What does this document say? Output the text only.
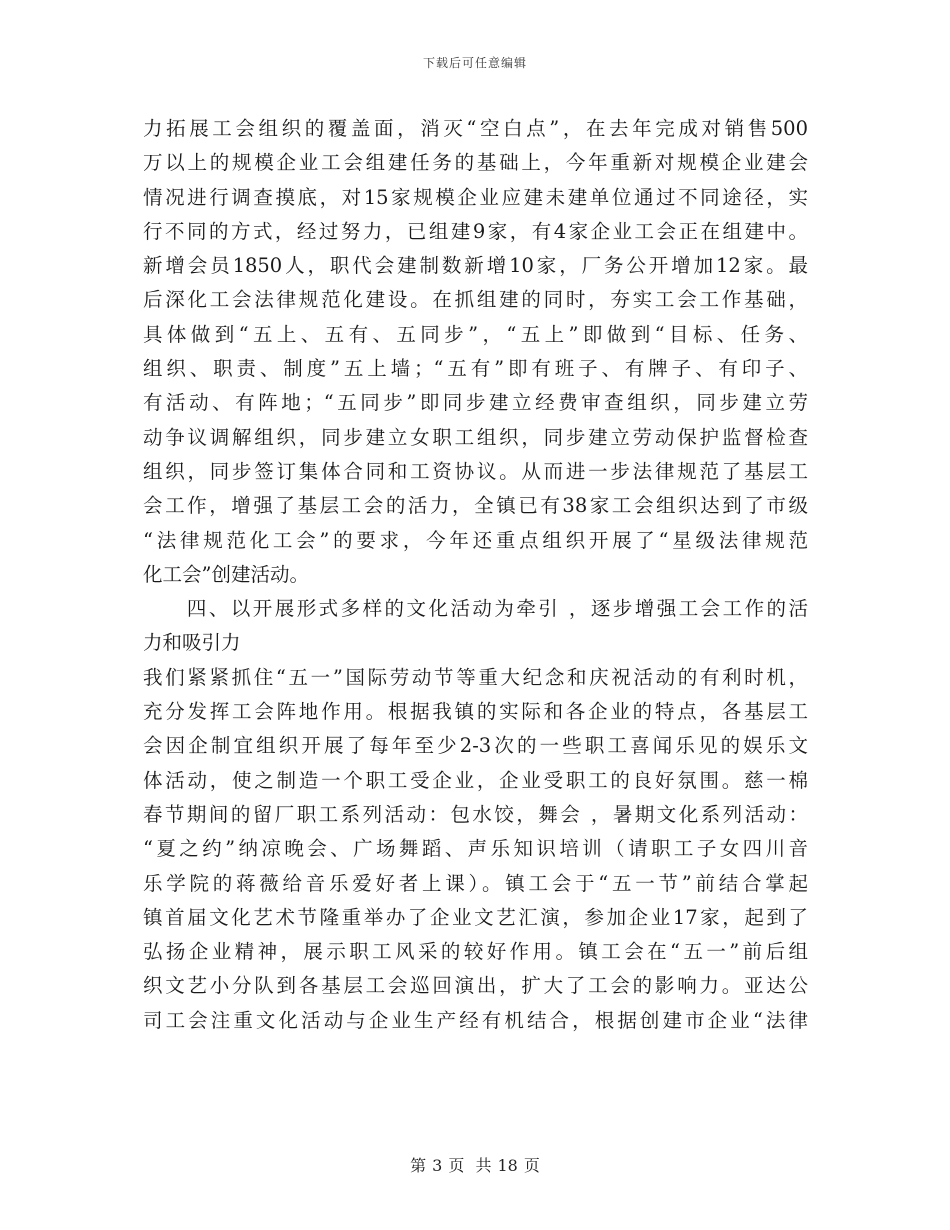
下载后可任意编辑
力拓展工会组织的覆盖面，消灭“空白点”，在去年完成对销售500
万以上的规模企业工会组建任务的基础上，今年重新对规模企业建会
情况进行调查摸底，对15家规模企业应建未建单位通过不同途径，实
行不同的方式，经过努力，已组建9家，有4家企业工会正在组建中。
新增会员1850人，职代会建制数新增10家，厂务公开增加12家。最
后深化工会法律规范化建设。在抓组建的同时，夯实工会工作基础，
具体做到“五上、五有、五同步”，“五上”即做到“目标、任务、
组织、职责、制度”五上墙；“五有”即有班子、有牌子、有印子、
有活动、有阵地；“五同步”即同步建立经费审查组织，同步建立劳
动争议调解组织，同步建立女职工组织，同步建立劳动保护监督检查
组织，同步签订集体合同和工资协议。从而进一步法律规范了基层工
会工作，增强了基层工会的活力，全镇已有38家工会组织达到了市级
“法律规范化工会”的要求，今年还重点组织开展了“星级法律规范
化工会”创建活动。
　　四、以开展形式多样的文化活动为牵引 ，逐步增强工会工作的活
力和吸引力
我们紧紧抓住“五一”国际劳动节等重大纪念和庆祝活动的有利时机，
充分发挥工会阵地作用。根据我镇的实际和各企业的特点，各基层工
会因企制宜组织开展了每年至少2-3次的一些职工喜闻乐见的娱乐文
体活动，使之制造一个职工受企业，企业受职工的良好氛围。慈一棉
春节期间的留厂职工系列活动：包水饺，舞会 ，暑期文化系列活动：
“夏之约”纳凉晚会、广场舞蹈、声乐知识培训（请职工子女四川音
乐学院的蒋薇给音乐爱好者上课）。镇工会于“五一节”前结合掌起
镇首届文化艺术节隆重举办了企业文艺汇演，参加企业17家，起到了
弘扬企业精神，展示职工风采的较好作用。镇工会在“五一”前后组
织文艺小分队到各基层工会巡回演出，扩大了工会的影响力。亚达公
司工会注重文化活动与企业生产经有机结合，根据创建市企业“法律
第 3 页 共 18 页
